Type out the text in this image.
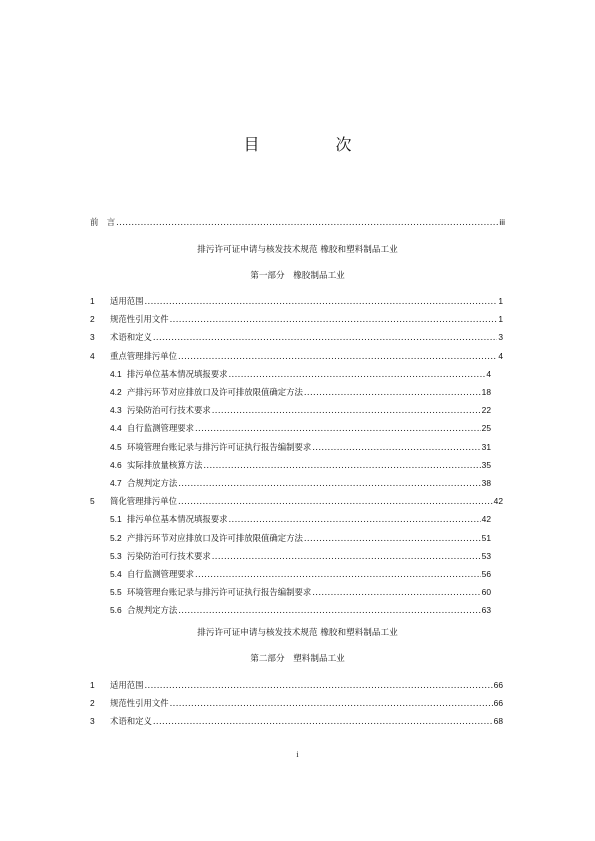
目　次
前　言 .....	iii
排污许可证申请与核发技术规范 橡胶和塑料制品工业
第一部分　橡胶制品工业
1 适用范围 .....	1
2 规范性引用文件 .....	1
3 术语和定义 .....	3
4 重点管理排污单位 .....	4
4.1 排污单位基本情况填报要求 .....	4
4.2 产排污环节对应排放口及许可排放限值确定方法 .....	18
4.3 污染防治可行技术要求 .....	22
4.4 自行监测管理要求 .....	25
4.5 环境管理台账记录与排污许可证执行报告编制要求 .....	31
4.6 实际排放量核算方法 .....	35
4.7 合规判定方法 .....	38
5 简化管理排污单位 .....	42
5.1 排污单位基本情况填报要求 .....	42
5.2 产排污环节对应排放口及许可排放限值确定方法 .....	51
5.3 污染防治可行技术要求 .....	53
5.4 自行监测管理要求 .....	56
5.5 环境管理台账记录与排污许可证执行报告编制要求 .....	60
5.6 合规判定方法 .....	63
排污许可证申请与核发技术规范 橡胶和塑料制品工业
第二部分　塑料制品工业
1 适用范围 .....	66
2 规范性引用文件 .....	66
3 术语和定义 .....	68
i
